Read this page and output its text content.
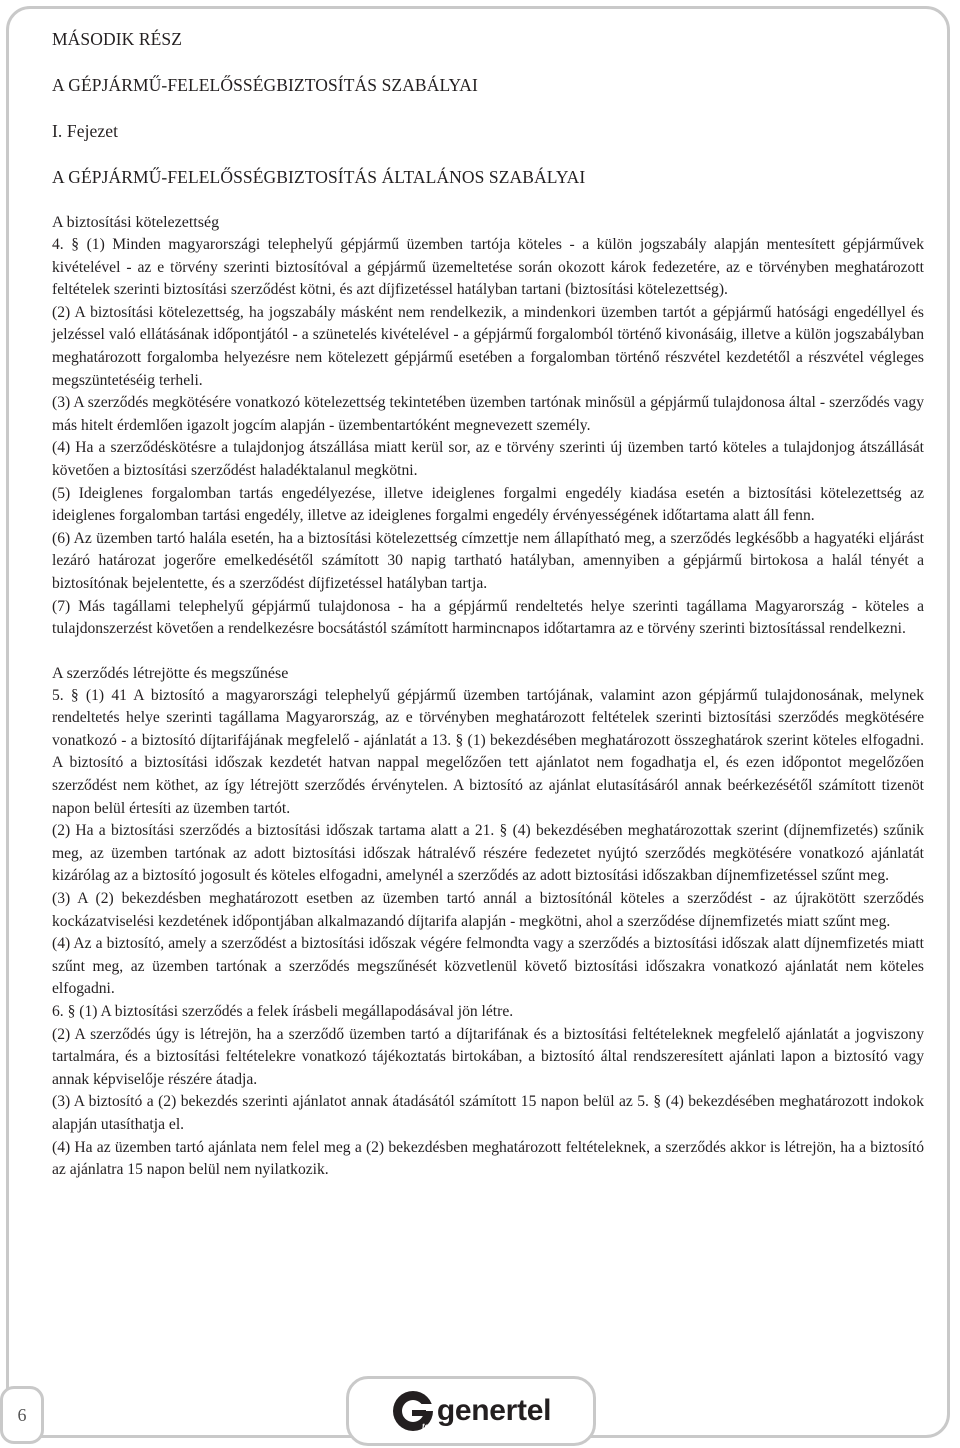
MÁSODIK RÉSZ

A GÉPJÁRMŰ-FELELŐSSÉGBIZTOSÍTÁS SZABÁLYAI

I. Fejezet

A GÉPJÁRMŰ-FELELŐSSÉGBIZTOSÍTÁS ÁLTALÁNOS SZABÁLYAI

A biztosítási kötelezettség

4. § (1) Minden magyarországi telephelyű gépjármű üzemben tartója köteles - a külön jogszabály alapján mentesített gépjárművek kivételével - az e törvény szerinti biztosítóval a gépjármű üzemeltetése során okozott károk fedezetére, az e törvényben meghatározott feltételek szerinti biztosítási szerződést kötni, és azt díjfizetéssel hatályban tartani (biztosítási kötelezettség).

(2) A biztosítási kötelezettség, ha jogszabály másként nem rendelkezik, a mindenkori üzemben tartót a gépjármű hatósági engedéllyel és jelzéssel való ellátásának időpontjától - a szünetelés kivételével - a gépjármű forgalomból történő kivonásáig, illetve a külön jogszabályban meghatározott forgalomba helyezésre nem kötelezett gépjármű esetében a forgalomban történő részvétel kezdetétől a részvétel végleges megszüntetéséig terheli.

(3) A szerződés megkötésére vonatkozó kötelezettség tekintetében üzemben tartónak minősül a gépjármű tulajdonosa által - szerződés vagy más hitelt érdemlően igazolt jogcím alapján - üzembentartóként megnevezett személy.

(4) Ha a szerződéskötésre a tulajdonjog átszállása miatt kerül sor, az e törvény szerinti új üzemben tartó köteles a tulajdonjog átszállását követően a biztosítási szerződést haladéktalanul megkötni.

(5) Ideiglenes forgalomban tartás engedélyezése, illetve ideiglenes forgalmi engedély kiadása esetén a biztosítási kötelezettség az ideiglenes forgalomban tartási engedély, illetve az ideiglenes forgalmi engedély érvényességének időtartama alatt áll fenn.

(6) Az üzemben tartó halála esetén, ha a biztosítási kötelezettség címzettje nem állapítható meg, a szerződés legkésőbb a hagyatéki eljárást lezáró határozat jogerőre emelkedésétől számított 30 napig tartható hatályban, amennyiben a gépjármű birtokosa a halál tényét a biztosítónak bejelentette, és a szerződést díjfizetéssel hatályban tartja.

(7) Más tagállami telephelyű gépjármű tulajdonosa - ha a gépjármű rendeltetés helye szerinti tagállama Magyarország - köteles a tulajdonszerzést követően a rendelkezésre bocsátástól számított harmincnapos időtartamra az e törvény szerinti biztosítással rendelkezni.

A szerződés létrejötte és megszűnése

5. § (1) 41 A biztosító a magyarországi telephelyű gépjármű üzemben tartójának, valamint azon gépjármű tulajdonosának, melynek rendeltetés helye szerinti tagállama Magyarország, az e törvényben meghatározott feltételek szerinti biztosítási szerződés megkötésére vonatkozó - a biztosító díjtarifájának megfelelő - ajánlatát a 13. § (1) bekezdésében meghatározott összeghatárok szerint köteles elfogadni. A biztosító a biztosítási időszak kezdetét hatvan nappal megelőzően tett ajánlatot nem fogadhatja el, és ezen időpontot megelőzően szerződést nem köthet, az így létrejött szerződés érvénytelen. A biztosító az ajánlat elutasításáról annak beérkezésétől számított tizenöt napon belül értesíti az üzemben tartót.

(2) Ha a biztosítási szerződés a biztosítási időszak tartama alatt a 21. § (4) bekezdésében meghatározottak szerint (díjnemfizetés) szűnik meg, az üzemben tartónak az adott biztosítási időszak hátralévő részére fedezetet nyújtó szerződés megkötésére vonatkozó ajánlatát kizárólag az a biztosító jogosult és köteles elfogadni, amelynél a szerződés az adott biztosítási időszakban díjnemfizetéssel szűnt meg.

(3) A (2) bekezdésben meghatározott esetben az üzemben tartó annál a biztosítónál köteles a szerződést - az újrakötött szerződés kockázatviselési kezdetének időpontjában alkalmazandó díjtarifa alapján - megkötni, ahol a szerződése díjnemfizetés miatt szűnt meg.

(4) Az a biztosító, amely a szerződést a biztosítási időszak végére felmondta vagy a szerződés a biztosítási időszak alatt díjnemfizetés miatt szűnt meg, az üzemben tartónak a szerződés megszűnését közvetlenül követő biztosítási időszakra vonatkozó ajánlatát nem köteles elfogadni.

6. § (1) A biztosítási szerződés a felek írásbeli megállapodásával jön létre.

(2) A szerződés úgy is létrejön, ha a szerződő üzemben tartó a díjtarifának és a biztosítási feltételeknek megfelelő ajánlatát a jogviszony tartalmára, és a biztosítási feltételekre vonatkozó tájékoztatás birtokában, a biztosító által rendszeresített ajánlati lapon a biztosító vagy annak képviselője részére átadja.

(3) A biztosító a (2) bekezdés szerinti ajánlatot annak átadásától számított 15 napon belül az 5. § (4) bekezdésében meghatározott indokok alapján utasíthatja el.

(4) Ha az üzemben tartó ajánlata nem felel meg a (2) bekezdésben meghatározott feltételeknek, a szerződés akkor is létrejön, ha a biztosító az ajánlatra 15 napon belül nem nyilatkozik.

6
tel genertel
